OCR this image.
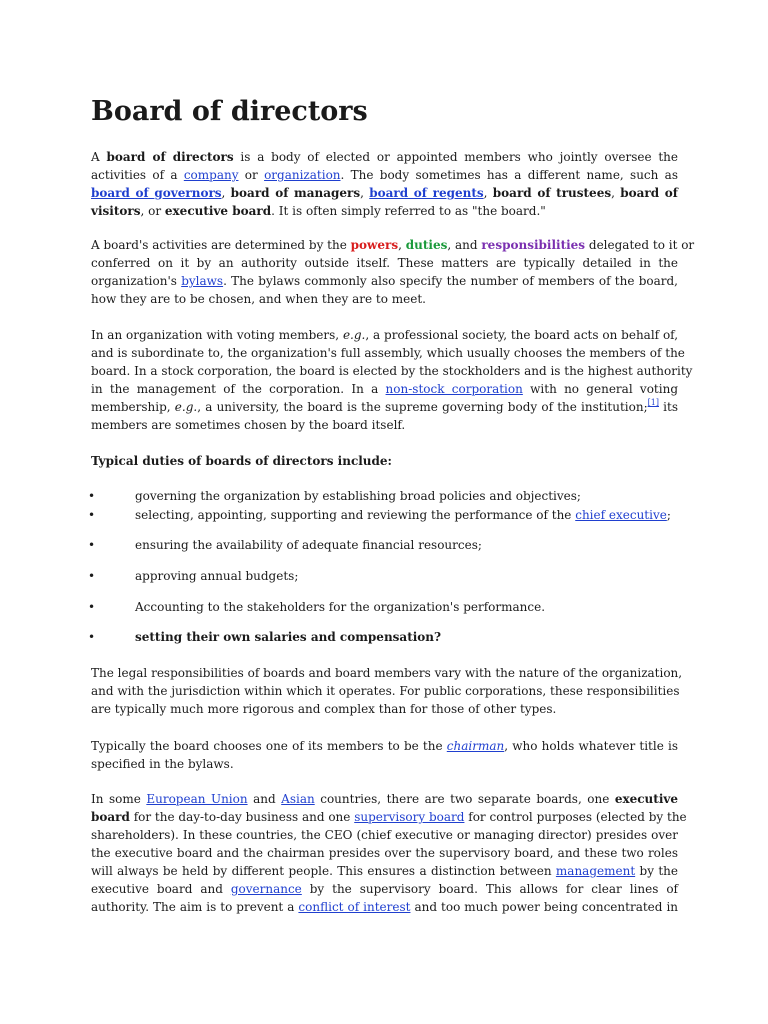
Board of directors
A board of directors is a body of elected or appointed members who jointly oversee the
activities of a company or organization. The body sometimes has a different name, such as
board of governors, board of managers, board of regents, board of trustees, board of
visitors, or executive board. It is often simply referred to as "the board."
A board's activities are determined by the powers, duties, and responsibilities delegated to it or
conferred on it by an authority outside itself. These matters are typically detailed in the
organization's bylaws. The bylaws commonly also specify the number of members of the board,
how they are to be chosen, and when they are to meet.
In an organization with voting members, e.g., a professional society, the board acts on behalf of,
and is subordinate to, the organization's full assembly, which usually chooses the members of the
board. In a stock corporation, the board is elected by the stockholders and is the highest authority
in the management of the corporation. In a non-stock corporation with no general voting
membership, e.g., a university, the board is the supreme governing body of the institution;[1] its
members are sometimes chosen by the board itself.
Typical duties of boards of directors include:
•	governing the organization by establishing broad policies and objectives;
•	selecting, appointing, supporting and reviewing the performance of the chief executive;
•	ensuring the availability of adequate financial resources;
•	approving annual budgets;
•	Accounting to the stakeholders for the organization's performance.
•	setting their own salaries and compensation?
The legal responsibilities of boards and board members vary with the nature of the organization,
and with the jurisdiction within which it operates. For public corporations, these responsibilities
are typically much more rigorous and complex than for those of other types.
Typically the board chooses one of its members to be the chairman, who holds whatever title is
specified in the bylaws.
In some European Union and Asian countries, there are two separate boards, one executive
board for the day-to-day business and one supervisory board for control purposes (elected by the
shareholders). In these countries, the CEO (chief executive or managing director) presides over
the executive board and the chairman presides over the supervisory board, and these two roles
will always be held by different people. This ensures a distinction between management by the
executive board and governance by the supervisory board. This allows for clear lines of
authority. The aim is to prevent a conflict of interest and too much power being concentrated in
